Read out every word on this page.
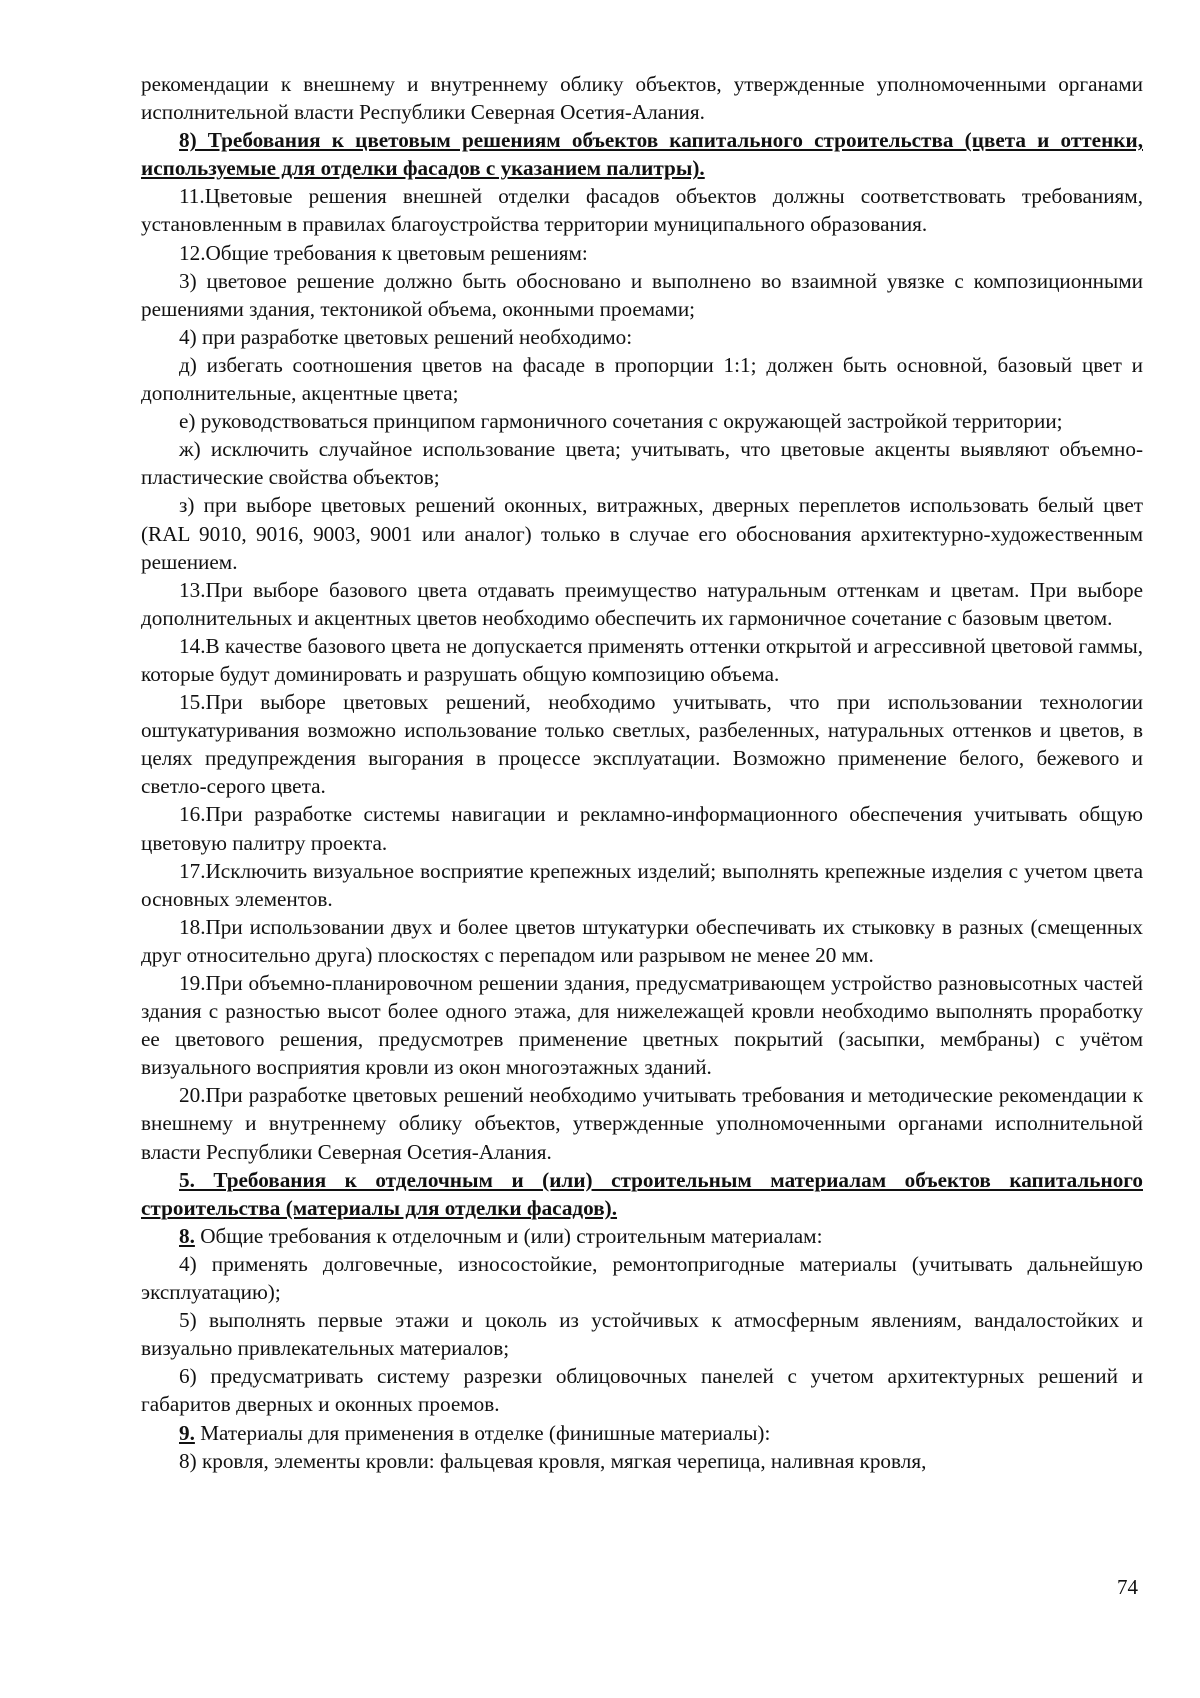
рекомендации к внешнему и внутреннему облику объектов, утвержденные уполномоченными органами исполнительной власти Республики Северная Осетия-Алания.

8) Требования к цветовым решениям объектов капитального строительства (цвета и оттенки, используемые для отделки фасадов с указанием палитры).

11.Цветовые решения внешней отделки фасадов объектов должны соответствовать требованиям, установленным в правилах благоустройства территории муниципального образования.

12.Общие требования к цветовым решениям:

3) цветовое решение должно быть обосновано и выполнено во взаимной увязке с композиционными решениями здания, тектоникой объема, оконными проемами;

4) при разработке цветовых решений необходимо:

д) избегать соотношения цветов на фасаде в пропорции 1:1; должен быть основной, базовый цвет и дополнительные, акцентные цвета;

е) руководствоваться принципом гармоничного сочетания с окружающей застройкой территории;

ж) исключить случайное использование цвета; учитывать, что цветовые акценты выявляют объемно-пластические свойства объектов;

з) при выборе цветовых решений оконных, витражных, дверных переплетов использовать белый цвет (RAL 9010, 9016, 9003, 9001 или аналог) только в случае его обоснования архитектурно-художественным решением.

13.При выборе базового цвета отдавать преимущество натуральным оттенкам и цветам. При выборе дополнительных и акцентных цветов необходимо обеспечить их гармоничное сочетание с базовым цветом.

14.В качестве базового цвета не допускается применять оттенки открытой и агрессивной цветовой гаммы, которые будут доминировать и разрушать общую композицию объема.

15.При выборе цветовых решений, необходимо учитывать, что при использовании технологии оштукатуривания возможно использование только светлых, разбеленных, натуральных оттенков и цветов, в целях предупреждения выгорания в процессе эксплуатации. Возможно применение белого, бежевого и светло-серого цвета.

16.При разработке системы навигации и рекламно-информационного обеспечения учитывать общую цветовую палитру проекта.

17.Исключить визуальное восприятие крепежных изделий; выполнять крепежные изделия с учетом цвета основных элементов.

18.При использовании двух и более цветов штукатурки обеспечивать их стыковку в разных (смещенных друг относительно друга) плоскостях с перепадом или разрывом не менее 20 мм.

19.При объемно-планировочном решении здания, предусматривающем устройство разновысотных частей здания с разностью высот более одного этажа, для нижележащей кровли необходимо выполнять проработку ее цветового решения, предусмотрев применение цветных покрытий (засыпки, мембраны) с учётом визуального восприятия кровли из окон многоэтажных зданий.

20.При разработке цветовых решений необходимо учитывать требования и методические рекомендации к внешнему и внутреннему облику объектов, утвержденные уполномоченными органами исполнительной власти Республики Северная Осетия-Алания.

5. Требования к отделочным и (или) строительным материалам объектов капитального строительства (материалы для отделки фасадов).

8. Общие требования к отделочным и (или) строительным материалам:

4) применять долговечные, износостойкие, ремонтопригодные материалы (учитывать дальнейшую эксплуатацию);

5) выполнять первые этажи и цоколь из устойчивых к атмосферным явлениям, вандалостойких и визуально привлекательных материалов;

6) предусматривать систему разрезки облицовочных панелей с учетом архитектурных решений и габаритов дверных и оконных проемов.

9. Материалы для применения в отделке (финишные материалы):

8) кровля, элементы кровли: фальцевая кровля, мягкая черепица, наливная кровля,

74
